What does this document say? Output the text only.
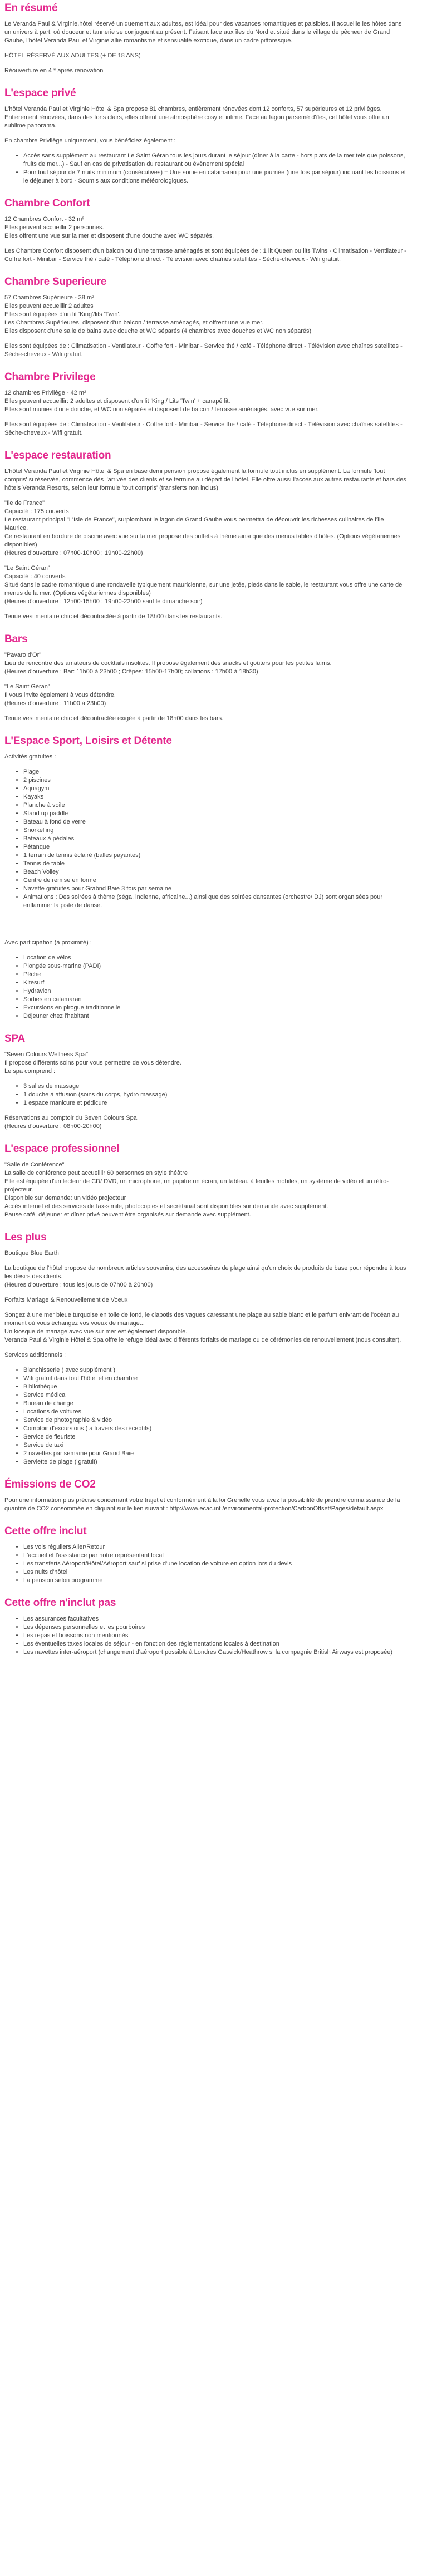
En résumé

Le Veranda Paul & Virginie,hôtel réservé uniquement aux adultes, est idéal pour des vacances romantiques et paisibles. Il accueille les hôtes dans un univers à part, où douceur et tannerie se conjuguent au présent. Faisant face aux îles du Nord et situé dans le village de pêcheur de Grand Gaube, l'hôtel Veranda Paul et Virginie allie romantisme et sensualité exotique, dans un cadre pittoresque.

HÔTEL RÉSERVÉ AUX ADULTES (+ DE 18 ANS)

Réouverture en 4 * après rénovation

L'espace privé

L'hôtel Veranda Paul et Virginie Hôtel & Spa propose 81 chambres, entièrement rénovées dont 12 conforts, 57 supérieures et 12 privilèges. Entièrement rénovées, dans des tons clairs, elles offrent une atmosphère cosy et intime. Face au lagon parsemé d'îles, cet hôtel vous offre un sublime panorama.

En chambre Privilège uniquement, vous bénéficiez également :

• Accès sans supplément au restaurant Le Saint Géran tous les jours durant le séjour (dîner à la carte - hors plats de la mer tels que poissons, fruits de mer...) - Sauf en cas de privatisation du restaurant ou évènement spécial
• Pour tout séjour de 7 nuits minimum (consécutives) = Une sortie en catamaran pour une journée (une fois par séjour) incluant les boissons et le déjeuner à bord - Soumis aux conditions météorologiques.
Chambre Confort

12 Chambres Confort - 32 m²
Elles peuvent accueillir 2 personnes.
Elles offrent une vue sur la mer et disposent d'une douche avec WC séparés.

Les Chambre Confort disposent d'un balcon ou d'une terrasse aménagés et sont équipées de : 1 lit Queen ou lits Twins - Climatisation - Ventilateur - Coffre fort - Minibar - Service thé / café - Téléphone direct - Télévision avec chaînes satellites - Sèche-cheveux - Wifi gratuit.

Chambre Superieure

57 Chambres Supérieure - 38 m²
Elles peuvent accueillir 2 adultes
Elles sont équipées d'un lit 'King'/lits 'Twin'.
Les Chambres Supérieures, disposent d'un balcon / terrasse aménagés, et offrent une vue mer.
Elles disposent d'une salle de bains avec douche et WC séparés (4 chambres avec douches et WC non séparés)

Elles sont équipées de : Climatisation - Ventilateur - Coffre fort - Minibar - Service thé / café - Téléphone direct - Télévision avec chaînes satellites - Sèche-cheveux - Wifi gratuit.

Chambre Privilege

12 chambres Privilège - 42 m²
Elles peuvent accueillir: 2 adultes et disposent d'un lit 'King / Lits 'Twin' + canapé lit.
Elles sont munies d'une douche, et WC non séparés et disposent de balcon / terrasse aménagés, avec vue sur mer.

Elles sont équipées de : Climatisation - Ventilateur - Coffre fort - Minibar - Service thé / café - Téléphone direct - Télévision avec chaînes satellites - Sèche-cheveux - Wifi gratuit.

L'espace restauration

L'hôtel Veranda Paul et Virginie Hôtel & Spa en base demi pension propose également la formule tout inclus en supplément. La formule 'tout compris' si réservée, commence dès l'arrivée des clients et se termine au départ de l'hôtel. Elle offre aussi l'accès aux autres restaurants et bars des hôtels Veranda Resorts, selon leur formule 'tout compris' (transferts non inclus)

"Ile de France"
Capacité : 175 couverts
Le restaurant principal "L'Isle de France", surplombant le lagon de Grand Gaube vous permettra de découvrir les richesses culinaires de l'île Maurice.
Ce restaurant en bordure de piscine avec vue sur la mer propose des buffets à thème ainsi que des menus tables d'hôtes. (Options végétariennes disponibles)
(Heures d'ouverture : 07h00-10h00 ; 19h00-22h00)

"Le Saint Géran"
Capacité : 40 couverts
Situé dans le cadre romantique d'une rondavelle typiquement mauricienne, sur une jetée, pieds dans le sable, le restaurant vous offre une carte de menus de la mer. (Options végétariennes disponibles)
(Heures d'ouverture : 12h00-15h00 ; 19h00-22h00 sauf le dimanche soir)

Tenue vestimentaire chic et décontractée à partir de 18h00 dans les restaurants.

Bars

"Pavaro d'Or"
Lieu de rencontre des amateurs de cocktails insolites. Il propose également des snacks et goûters pour les petites faims.
(Heures d'ouverture : Bar: 11h00 à 23h00 ; Crêpes: 15h00-17h00; collations : 17h00 à 18h30)

"Le Saint Géran"
Il vous invite également à vous détendre.
(Heures d'ouverture : 11h00 à 23h00)

Tenue vestimentaire chic et décontractée exigée à partir de 18h00 dans les bars.

L'Espace Sport, Loisirs et Détente

Activités gratuites :

• Plage
• 2 piscines
• Aquagym
• Kayaks
• Planche à voile
• Stand up paddle
• Bateau à fond de verre
• Snorkelling
• Bateaux à pédales
• Pétanque
• 1 terrain de tennis éclairé (balles payantes)
• Tennis de table
• Beach Volley
• Centre de remise en forme
• Navette gratuites pour Grabnd Baie 3 fois par semaine
• Animations : Des soirées à thème (séga, indienne, africaine...) ainsi que des soirées dansantes (orchestre/ DJ) sont organisées pour enflammer la piste de danse.

Avec participation (à proximité) :

• Location de vélos
• Plongée sous-marine (PADI)
• Pêche
• Kitesurf
• Hydravion
• Sorties en catamaran
• Excursions en pirogue traditionnelle
• Déjeuner chez l'habitant
SPA

"Seven Colours Wellness Spa"
Il propose différents soins pour vous permettre de vous détendre.
Le spa comprend :

• 3 salles de massage
• 1 douche à affusion (soins du corps, hydro massage)
• 1 espace manicure et pédicure

Réservations au comptoir du Seven Colours Spa.
(Heures d'ouverture : 08h00-20h00)

L'espace professionnel

"Salle de Conférence"
La salle de conférence peut accueillir 60 personnes en style théâtre
Elle est équipée d'un lecteur de CD/ DVD, un microphone, un pupitre un écran, un tableau à feuilles mobiles, un système de vidéo et un rétro-projecteur.
Disponible sur demande: un vidéo projecteur
Accès internet et des services de fax-simile, photocopies et secrétariat sont disponibles sur demande avec supplément.
Pause café, déjeuner et dîner privé peuvent être organisés sur demande avec supplément.

Les plus

Boutique Blue Earth

La boutique de l'hôtel propose de nombreux articles souvenirs, des accessoires de plage ainsi qu'un choix de produits de base pour répondre à tous les désirs des clients.
(Heures d'ouverture : tous les jours de 07h00 à 20h00)

Forfaits Mariage & Renouvellement de Voeux

Songez à une mer bleue turquoise en toile de fond, le clapotis des vagues caressant une plage au sable blanc et le parfum enivrant de l'océan au moment où vous échangez vos voeux de mariage...
Un kiosque de mariage avec vue sur mer est également disponible.
Veranda Paul & Virginie Hôtel & Spa offre le refuge idéal avec différents forfaits de mariage ou de cérémonies de renouvellement (nous consulter).

Services additionnels :

• Blanchisserie ( avec supplément )
• Wifi gratuit dans tout l'hôtel et en chambre
• Bibliothèque
• Service médical
• Bureau de change
• Locations de voitures
• Service de photographie & vidéo
• Comptoir d'excursions ( à travers des réceptifs)
• Service de fleuriste
• Service de taxi
• 2 navettes par semaine pour Grand Baie
• Serviette de plage ( gratuit)
Émissions de CO2

Pour une information plus précise concernant votre trajet et conformément à la loi Grenelle vous avez la possibilité de prendre connaissance de la quantité de CO2 consommée en cliquant sur le lien suivant : http://www.ecac.int /environmental-protection/CarbonOffset/Pages/default.aspx

Cette offre inclut
• Les vols réguliers Aller/Retour
• L'accueil et l'assistance par notre représentant local
• Les transferts Aéroport/Hôtel/Aéroport sauf si prise d'une location de voiture en option lors du devis
• Les nuits d'hôtel
• La pension selon programme
Cette offre n'inclut pas
• Les assurances facultatives
• Les dépenses personnelles et les pourboires
• Les repas et boissons non mentionnés
• Les éventuelles taxes locales de séjour - en fonction des réglementations locales à destination
• Les navettes inter-aéroport (changement d'aéroport possible à Londres Gatwick/Heathrow si la compagnie British Airways est proposée)
